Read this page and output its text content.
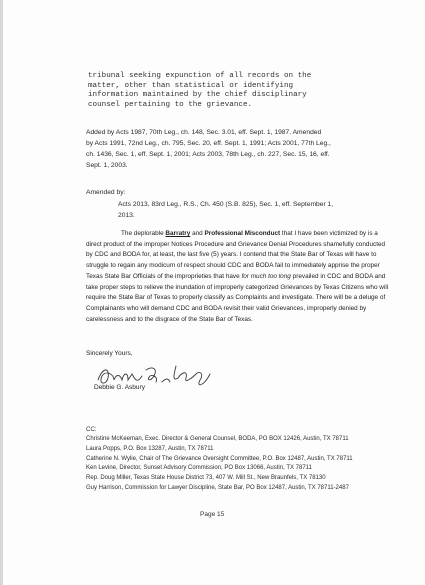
tribunal seeking expunction of all records on the
matter, other than statistical or identifying
information maintained by the chief disciplinary
counsel pertaining to the grievance.
Added by Acts 1987, 70th Leg., ch. 148, Sec. 3.01, eff. Sept. 1, 1987. Amended
by Acts 1991, 72nd Leg., ch. 795, Sec. 20, eff. Sept. 1, 1991; Acts 2001, 77th Leg.,
ch. 1436, Sec. 1, eff. Sept. 1, 2001; Acts 2003, 78th Leg., ch. 227, Sec. 15, 16, eff.
Sept. 1, 2003.
Amended by:
Acts 2013, 83rd Leg., R.S., Ch. 450 (S.B. 825), Sec. 1, eff. September 1,
2013.
The deplorable Barratry and Professional Misconduct that I have been victimized by is a direct product of the improper Notices Procedure and Grievance Denial Procedures shamefully conducted by CDC and BODA for, at least, the last five (5) years. I contend that the State Bar of Texas will have to struggle to regain any modicum of respect should CDC and BODA fail to immediately apprise the proper Texas State Bar Officials of the improprieties that have for much too long prevailed in CDC and BODA and take proper steps to relieve the inundation of improperly categorized Grievances by Texas Citizens who will require the State Bar of Texas to properly classify as Complaints and investigate. There will be a deluge of Complainants who will demand CDC and BODA revisit their valid Grievances, improperly denied by carelessness and to the disgrace of the State Bar of Texas.
Sincerely Yours,
Debbie G. Asbury
CC:
Christine McKeeman, Exec. Director & General Counsel, BODA, PO BOX 12426, Austin, TX 78711
Laura Popps, P.O. Box 13287, Austin, TX 78711
Catherine N. Wylie, Chair of The Grievance Oversight Committee, P.O. Box 12487, Austin, TX 78711
Ken Levine, Director, Sunset Advisory Commission, PO Box 13066, Austin, TX 78711
Rep. Doug Miller, Texas State House District 73, 407 W. Mill St., New Braunfels, TX 78130
Guy Harrison, Commission for Lawyer Discipline, State Bar, PO Box 12487, Austin, TX 78711-2487
Page 15
